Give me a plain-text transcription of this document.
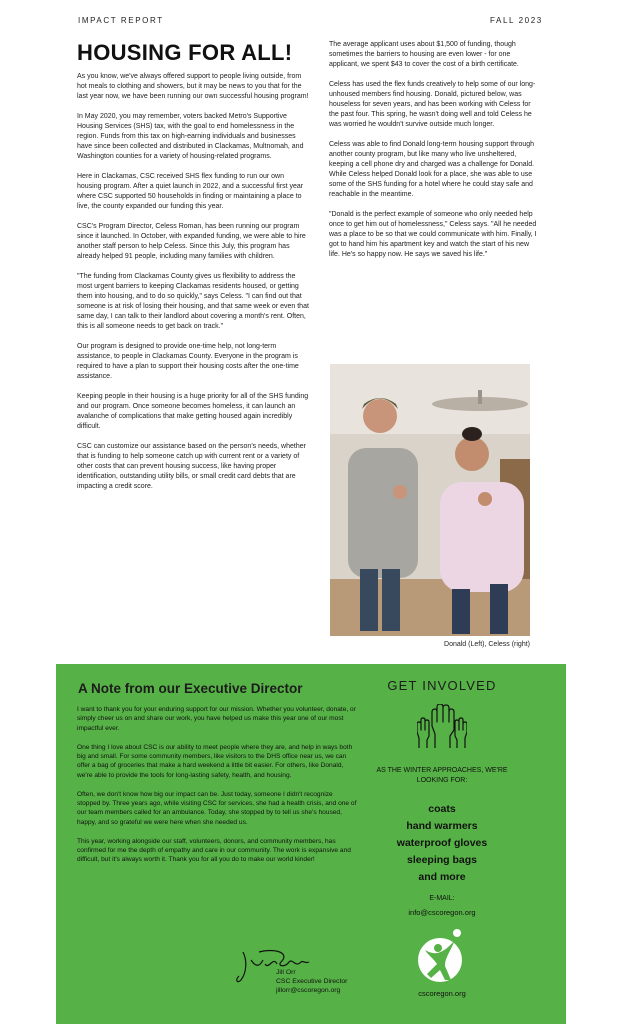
IMPACT REPORT	FALL 2023
HOUSING FOR ALL!

As you know, we've always offered support to people living outside, from hot meals to clothing and showers, but it may be news to you that for the last year now, we have been running our own successful housing program!

In May 2020, you may remember, voters backed Metro's Supportive Housing Services (SHS) tax, with the goal to end homelessness in the region. Funds from this tax on high-earning individuals and businesses have since been collected and distributed in Clackamas, Multnomah, and Washington counties for a variety of housing-related programs.

Here in Clackamas, CSC received SHS flex funding to run our own housing program. After a quiet launch in 2022, and a successful first year where CSC supported 50 households in finding or maintaining a place to live, the county expanded our funding this year.

CSC's Program Director, Celess Roman, has been running our program since it launched. In October, with expanded funding, we were able to hire another staff person to help Celess. Since this July, this program has already helped 91 people, including many families with children.

"The funding from Clackamas County gives us flexibility to address the most urgent barriers to keeping Clackamas residents housed, or getting them into housing, and to do so quickly," says Celess. "I can find out that someone is at risk of losing their housing, and that same week or even that same day, I can talk to their landlord about covering a month's rent. Often, this is all someone needs to get back on track."

Our program is designed to provide one-time help, not long-term assistance, to people in Clackamas County. Everyone in the program is required to have a plan to support their housing costs after the one-time assistance.

Keeping people in their housing is a huge priority for all of the SHS funding and our program. Once someone becomes homeless, it can launch an avalanche of complications that make getting housed again incredibly difficult.

CSC can customize our assistance based on the person's needs, whether that is funding to help someone catch up with current rent or a variety of other costs that can prevent housing success, like having proper identification, outstanding utility bills, or small credit card debts that are impacting a credit score.

The average applicant uses about $1,500 of funding, though sometimes the barriers to housing are even lower - for one applicant, we spent $43 to cover the cost of a birth certificate.

Celess has used the flex funds creatively to help some of our long-unhoused members find housing. Donald, pictured below, was houseless for seven years, and has been working with Celess for the past four. This spring, he wasn't doing well and told Celess he was worried he wouldn't survive outside much longer.

Celess was able to find Donald long-term housing support through another county program, but like many who live unsheltered, keeping a cell phone dry and charged was a challenge for Donald. While Celess helped Donald look for a place, she was able to use some of the SHS funding for a hotel where he could stay safe and reachable in the meantime.

"Donald is the perfect example of someone who only needed help once to get him out of homelessness," Celess says. "All he needed was a place to be so that we could communicate with him. Finally, I got to hand him his apartment key and watch the start of his new life. He's so happy now. He says we saved his life."

Donald (Left), Celess (right)
A Note from our Executive Director

I want to thank you for your enduring support for our mission. Whether you volunteer, donate, or simply cheer us on and share our work, you have helped us make this year one of our most impactful ever.

One thing I love about CSC is our ability to meet people where they are, and help in ways both big and small. For some community members, like visitors to the DHS office near us, we can offer a bag of groceries that make a hard weekend a little bit easier. For others, like Donald, we're able to provide the tools for long-lasting safety, health, and housing.

Often, we don't know how big our impact can be. Just today, someone I didn't recognize stopped by. Three years ago, while visiting CSC for services, she had a health crisis, and one of our team members called for an ambulance. Today, she stopped by to tell us she's housed, happy, and so grateful we were here when she needed us.

This year, working alongside our staff, volunteers, donors, and community members, has confirmed for me the depth of empathy and care in our community. The work is expansive and difficult, but it's always worth it. Thank you for all you do to make our world kinder!

Jill Orr
CSC Executive Director
jillorr@cscoregon.org
GET INVOLVED
AS THE WINTER APPROACHES, WE'RE LOOKING FOR:
coats
hand warmers
waterproof gloves
sleeping bags
and more
E-MAIL:
info@cscoregon.org
cscoregon.org
